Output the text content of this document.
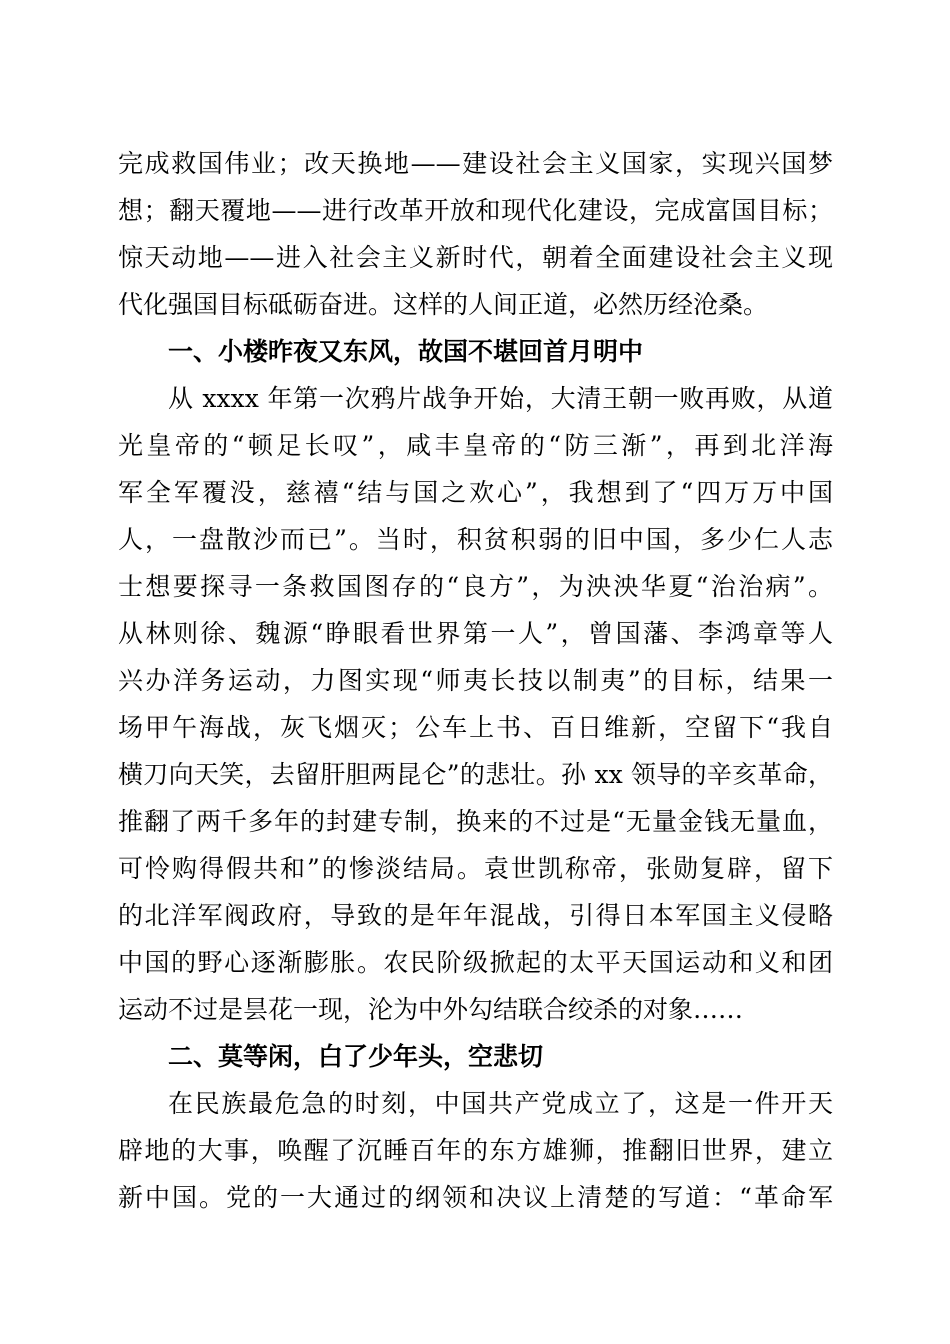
完成救国伟业；改天换地——建设社会主义国家，实现兴国梦
想；翻天覆地——进行改革开放和现代化建设，完成富国目标；
惊天动地——进入社会主义新时代，朝着全面建设社会主义现
代化强国目标砥砺奋进。这样的人间正道，必然历经沧桑。
一、小楼昨夜又东风，故国不堪回首月明中
从 xxxx 年第一次鸦片战争开始，大清王朝一败再败，从道
光皇帝的“顿足长叹”，咸丰皇帝的“防三渐”，再到北洋海
军全军覆没，慈禧“结与国之欢心”，我想到了“四万万中国
人，一盘散沙而已”。当时，积贫积弱的旧中国，多少仁人志
士想要探寻一条救国图存的“良方”，为泱泱华夏“治治病”。
从林则徐、魏源“睁眼看世界第一人”，曾国藩、李鸿章等人
兴办洋务运动，力图实现“师夷长技以制夷”的目标，结果一
场甲午海战，灰飞烟灭；公车上书、百日维新，空留下“我自
横刀向天笑，去留肝胆两昆仑”的悲壮。孙 xx 领导的辛亥革命，
推翻了两千多年的封建专制，换来的不过是“无量金钱无量血，
可怜购得假共和”的惨淡结局。袁世凯称帝，张勋复辟，留下
的北洋军阀政府，导致的是年年混战，引得日本军国主义侵略
中国的野心逐渐膨胀。农民阶级掀起的太平天国运动和义和团
运动不过是昙花一现，沦为中外勾结联合绞杀的对象……
二、莫等闲，白了少年头，空悲切
在民族最危急的时刻，中国共产党成立了，这是一件开天
辟地的大事，唤醒了沉睡百年的东方雄狮，推翻旧世界，建立
新中国。党的一大通过的纲领和决议上清楚的写道：“革命军
